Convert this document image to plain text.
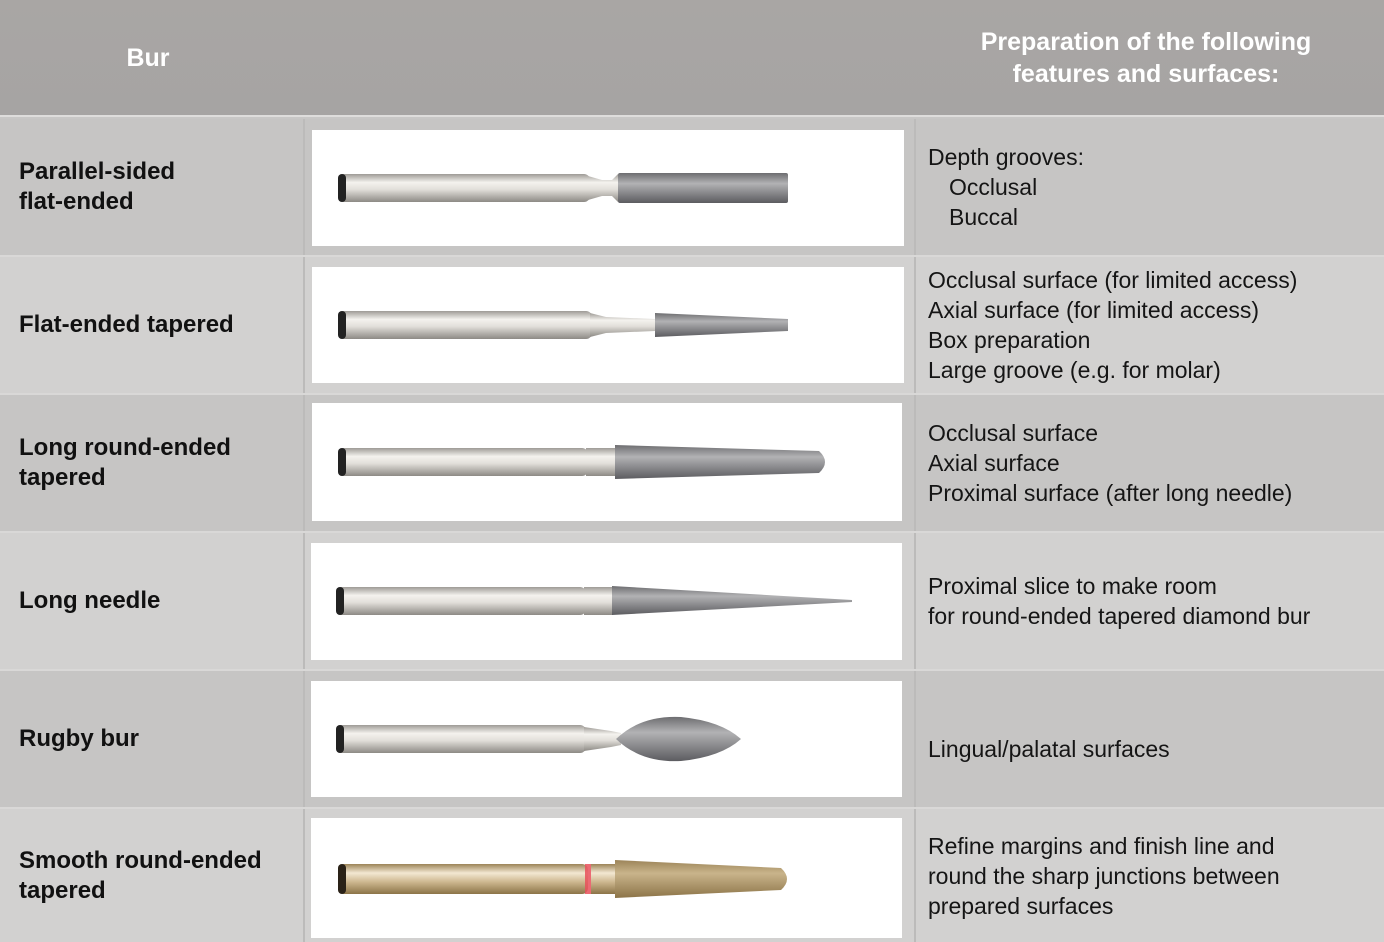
Bur
Preparation of the following
features and surfaces:
Parallel-sided
flat-ended
Depth grooves:
Occlusal
Buccal
Flat-ended tapered
Occlusal surface (for limited access)
Axial surface (for limited access)
Box preparation
Large groove (e.g. for molar)
Long round-ended
tapered
Occlusal surface
Axial surface
Proximal surface (after long needle)
Long needle
Proximal slice to make room
for round-ended tapered diamond bur
Rugby bur	Lingual/palatal surfaces
Smooth round-ended
tapered
Refine margins and finish line and
round the sharp junctions between
prepared surfaces
